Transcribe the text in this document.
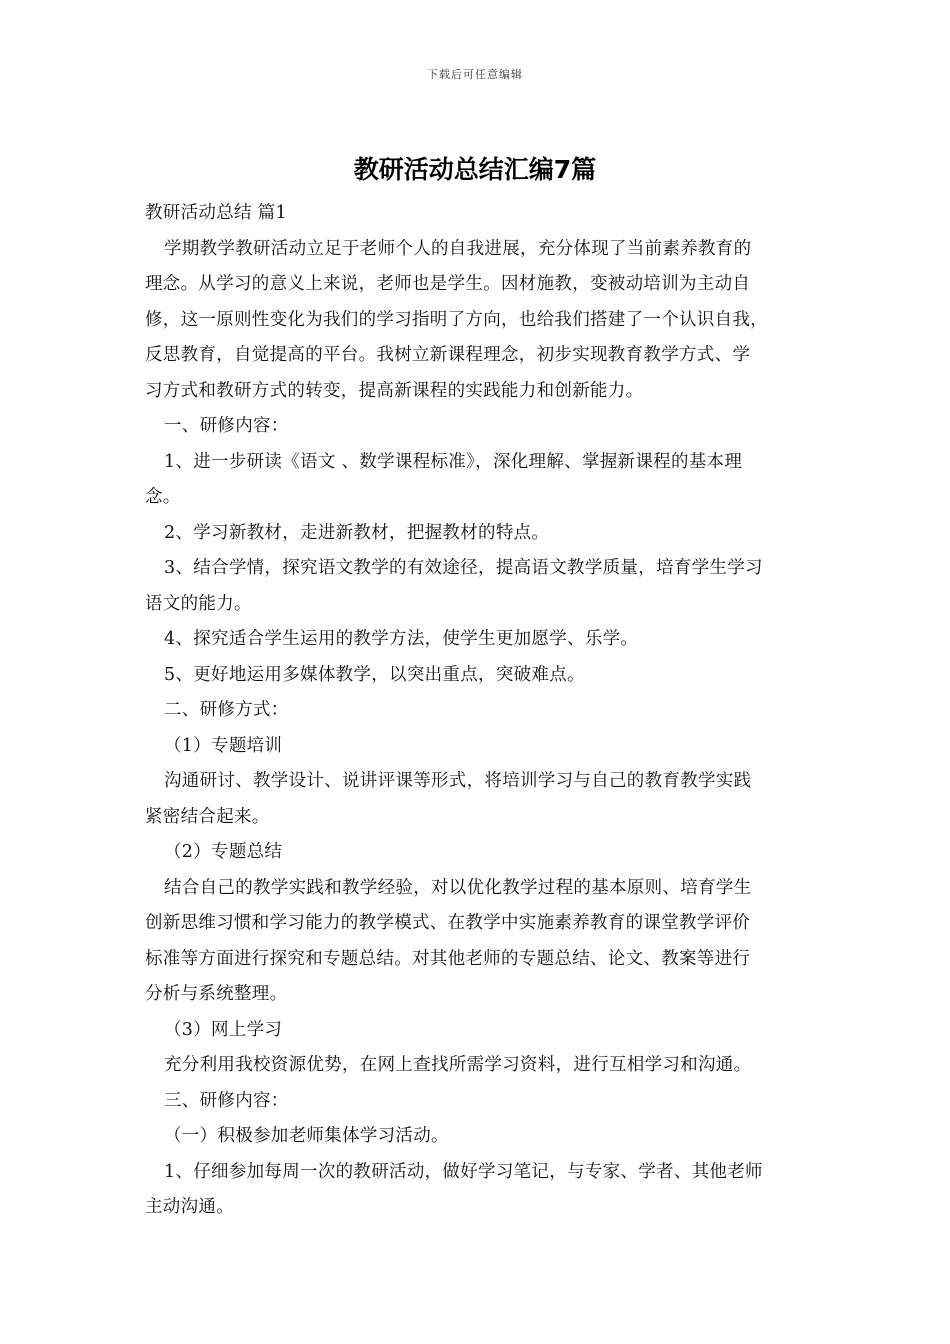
下载后可任意编辑
教研活动总结汇编7篇

教研活动总结 篇1

学期教学教研活动立足于老师个人的自我进展，充分体现了当前素养教育的

理念。从学习的意义上来说，老师也是学生。因材施教，变被动培训为主动自

修，这一原则性变化为我们的学习指明了方向，也给我们搭建了一个认识自我，

反思教育，自觉提高的平台。我树立新课程理念，初步实现教育教学方式、学

习方式和教研方式的转变，提高新课程的实践能力和创新能力。

一、研修内容：

1、进一步研读《语文 、数学课程标准》，深化理解、掌握新课程的基本理

念。

2、学习新教材，走进新教材，把握教材的特点。

3、结合学情，探究语文教学的有效途径，提高语文教学质量，培育学生学习

语文的能力。

4、探究适合学生运用的教学方法，使学生更加愿学、乐学。

5、更好地运用多媒体教学，以突出重点，突破难点。

二、研修方式：

（1）专题培训

沟通研讨、教学设计、说讲评课等形式，将培训学习与自己的教育教学实践

紧密结合起来。

（2）专题总结

结合自己的教学实践和教学经验，对以优化教学过程的基本原则、培育学生

创新思维习惯和学习能力的教学模式、在教学中实施素养教育的课堂教学评价

标准等方面进行探究和专题总结。对其他老师的专题总结、论文、教案等进行

分析与系统整理。

（3）网上学习

充分利用我校资源优势，在网上查找所需学习资料，进行互相学习和沟通。

三、研修内容：

（一）积极参加老师集体学习活动。

1、仔细参加每周一次的教研活动，做好学习笔记，与专家、学者、其他老师

主动沟通。
